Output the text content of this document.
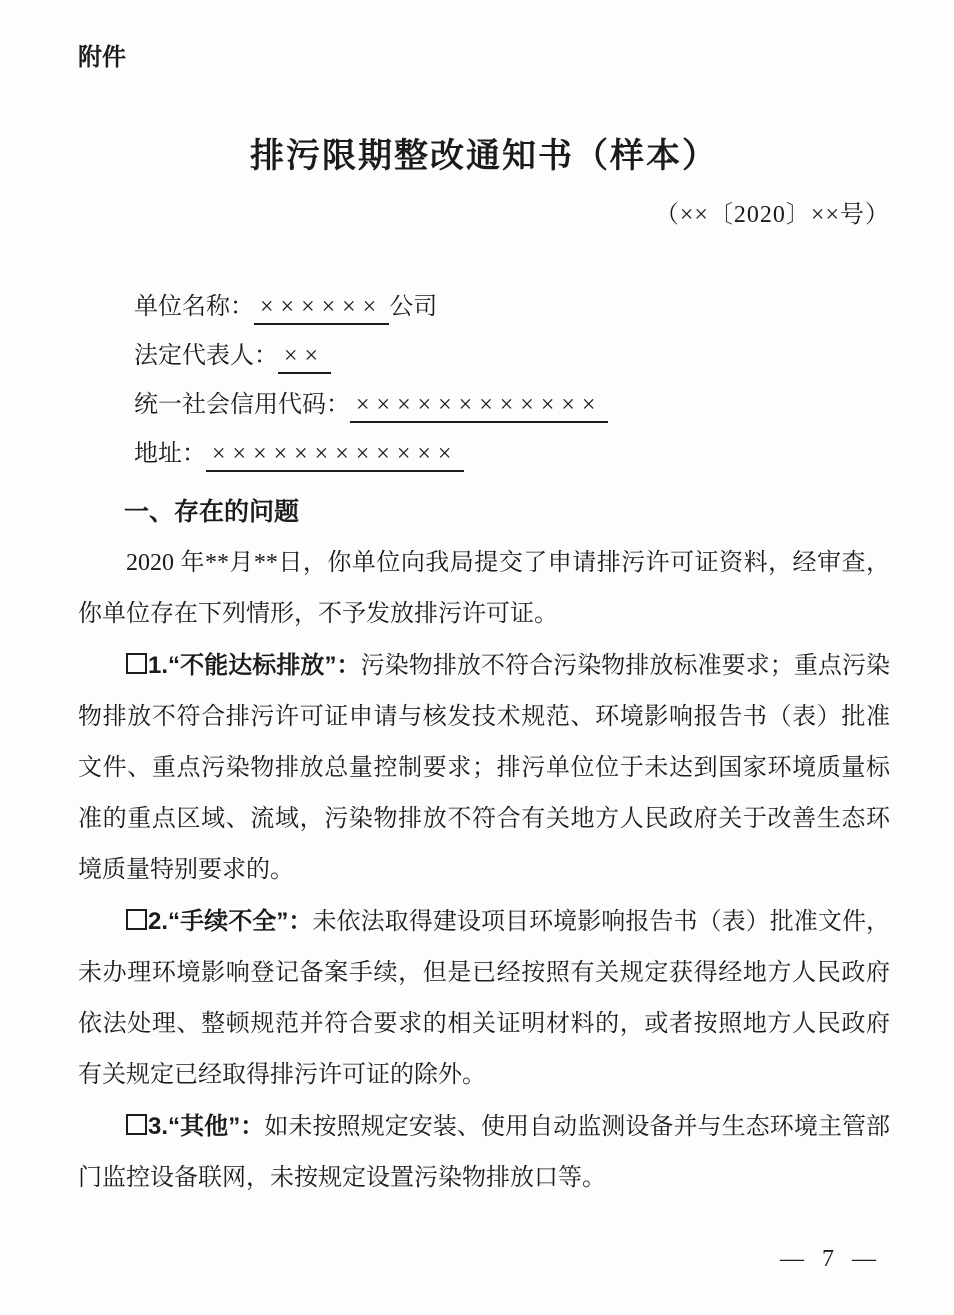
附件
排污限期整改通知书（样本）
（××〔2020〕××号）
单位名称： ×××××× 公司
法定代表人： ××
统一社会信用代码： ××××××××××××
地址： ××××××××××××
一、存在的问题

2020 年**月**日，你单位向我局提交了申请排污许可证资料，经审查，你单位存在下列情形，不予发放排污许可证。

1.“不能达标排放”：污染物排放不符合污染物排放标准要求；重点污染物排放不符合排污许可证申请与核发技术规范、环境影响报告书（表）批准文件、重点污染物排放总量控制要求；排污单位位于未达到国家环境质量标准的重点区域、流域，污染物排放不符合有关地方人民政府关于改善生态环境质量特别要求的。

2.“手续不全”：未依法取得建设项目环境影响报告书（表）批准文件，未办理环境影响登记备案手续，但是已经按照有关规定获得经地方人民政府依法处理、整顿规范并符合要求的相关证明材料的，或者按照地方人民政府有关规定已经取得排污许可证的除外。

3.“其他”：如未按照规定安装、使用自动监测设备并与生态环境主管部门监控设备联网，未按规定设置污染物排放口等。

— 7 —
